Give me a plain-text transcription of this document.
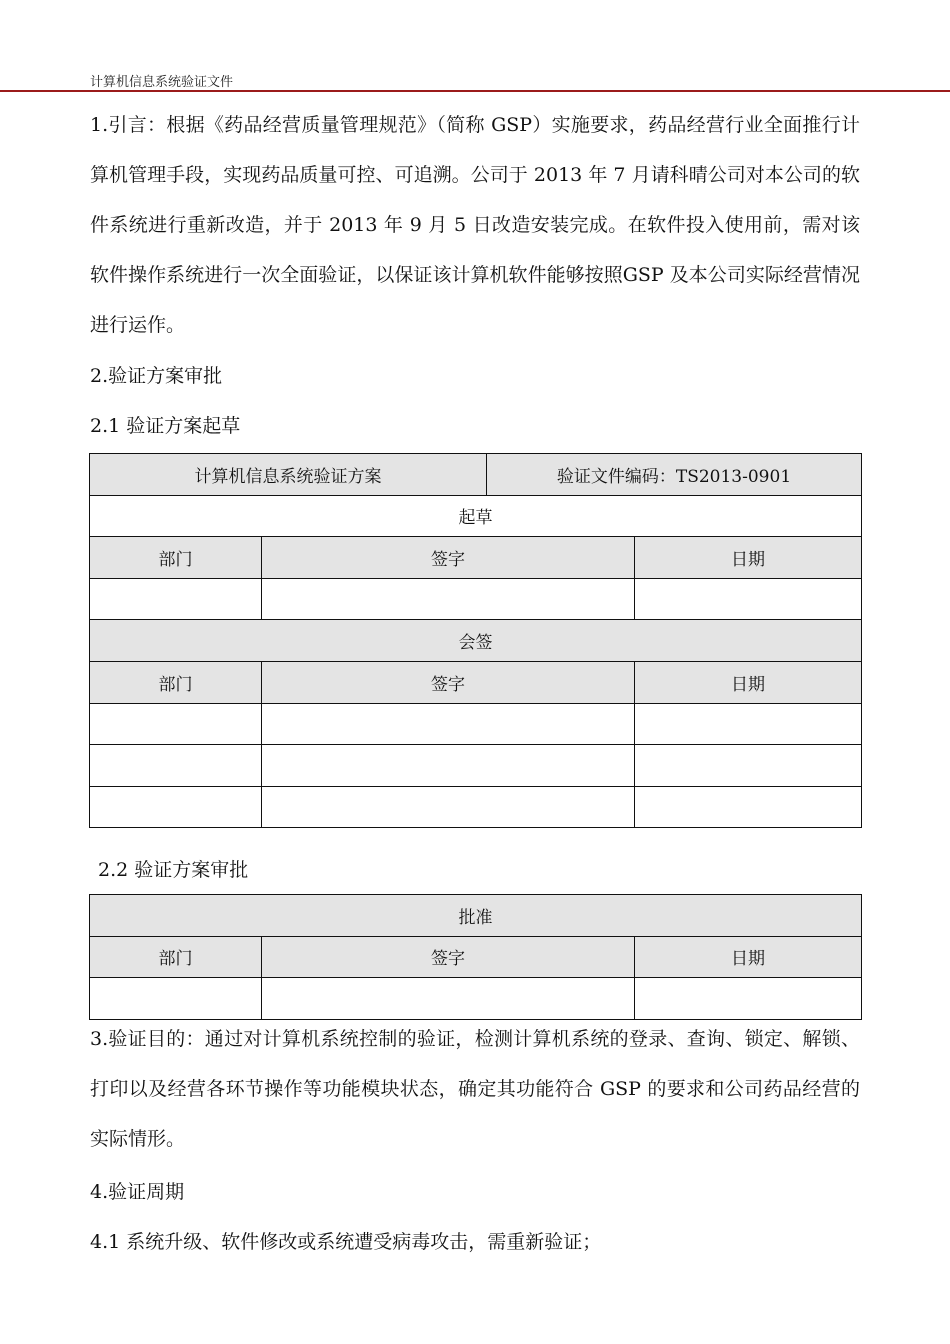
计算机信息系统验证文件
1.引言：根据《药品经营质量管理规范》（简称 GSP）实施要求，药品经营行业全面推行计算机管理手段，实现药品质量可控、可追溯。公司于 2013 年 7 月请科晴公司对本公司的软件系统进行重新改造，并于 2013 年 9 月 5 日改造安装完成。在软件投入使用前，需对该软件操作系统进行一次全面验证，以保证该计算机软件能够按照GSP 及本公司实际经营情况进行运作。
2.验证方案审批
2.1 验证方案起草
计算机信息系统验证方案		验证文件编码：TS2013-0901	
起草			
部门	签字		日期

会签			
部门	签字		日期

2.2 验证方案审批
批准		
部门	签字	日期

3.验证目的：通过对计算机系统控制的验证，检测计算机系统的登录、查询、锁定、解锁、打印以及经营各环节操作等功能模块状态，确定其功能符合 GSP 的要求和公司药品经营的实际情形。
4.验证周期
4.1 系统升级、软件修改或系统遭受病毒攻击，需重新验证；
